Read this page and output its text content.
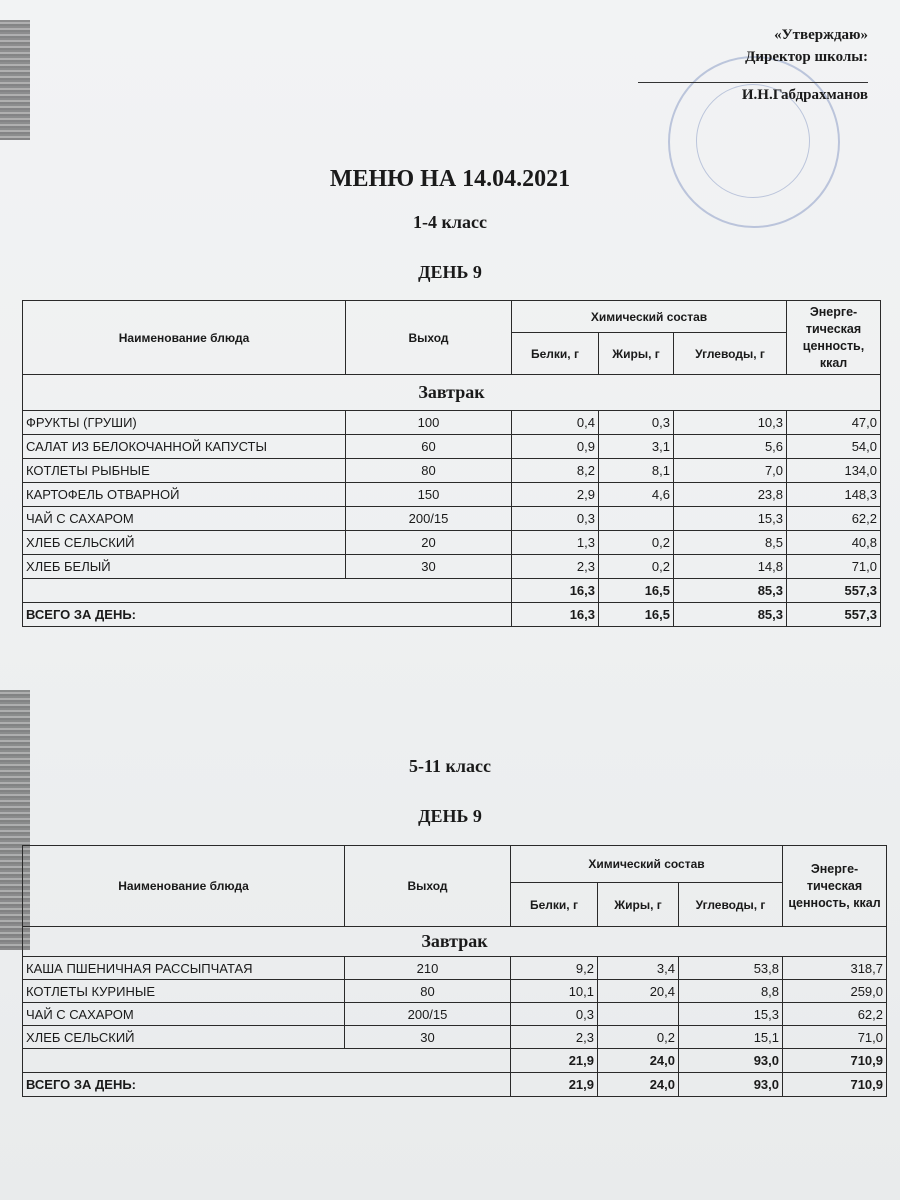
«Утверждаю»
Директор школы:
И.Н.Габдрахманов
МЕНЮ НА 14.04.2021
1-4 класс
ДЕНЬ 9
Наименование блюда	Выход	Химический состав			Энерге-тическая ценность, ккал
		Белки, г	Жиры, г	Углеводы, г	
Завтрак					
ФРУКТЫ (ГРУШИ)	100	0,4	0,3	10,3	47,0
САЛАТ ИЗ БЕЛОКОЧАННОЙ КАПУСТЫ	60	0,9	3,1	5,6	54,0
КОТЛЕТЫ РЫБНЫЕ	80	8,2	8,1	7,0	134,0
КАРТОФЕЛЬ ОТВАРНОЙ	150	2,9	4,6	23,8	148,3
ЧАЙ С САХАРОМ	200/15	0,3		15,3	62,2
ХЛЕБ СЕЛЬСКИЙ	20	1,3	0,2	8,5	40,8
ХЛЕБ БЕЛЫЙ	30	2,3	0,2	14,8	71,0
		16,3	16,5	85,3	557,3
ВСЕГО ЗА ДЕНЬ:		16,3	16,5	85,3	557,3
5-11 класс
ДЕНЬ 9
Наименование блюда	Выход	Химический состав			Энерге-тическая ценность, ккал
		Белки, г	Жиры, г	Углеводы, г	
Завтрак					
КАША ПШЕНИЧНАЯ РАССЫПЧАТАЯ	210	9,2	3,4	53,8	318,7
КОТЛЕТЫ КУРИНЫЕ	80	10,1	20,4	8,8	259,0
ЧАЙ С САХАРОМ	200/15	0,3		15,3	62,2
ХЛЕБ СЕЛЬСКИЙ	30	2,3	0,2	15,1	71,0
		21,9	24,0	93,0	710,9
ВСЕГО ЗА ДЕНЬ:		21,9	24,0	93,0	710,9
